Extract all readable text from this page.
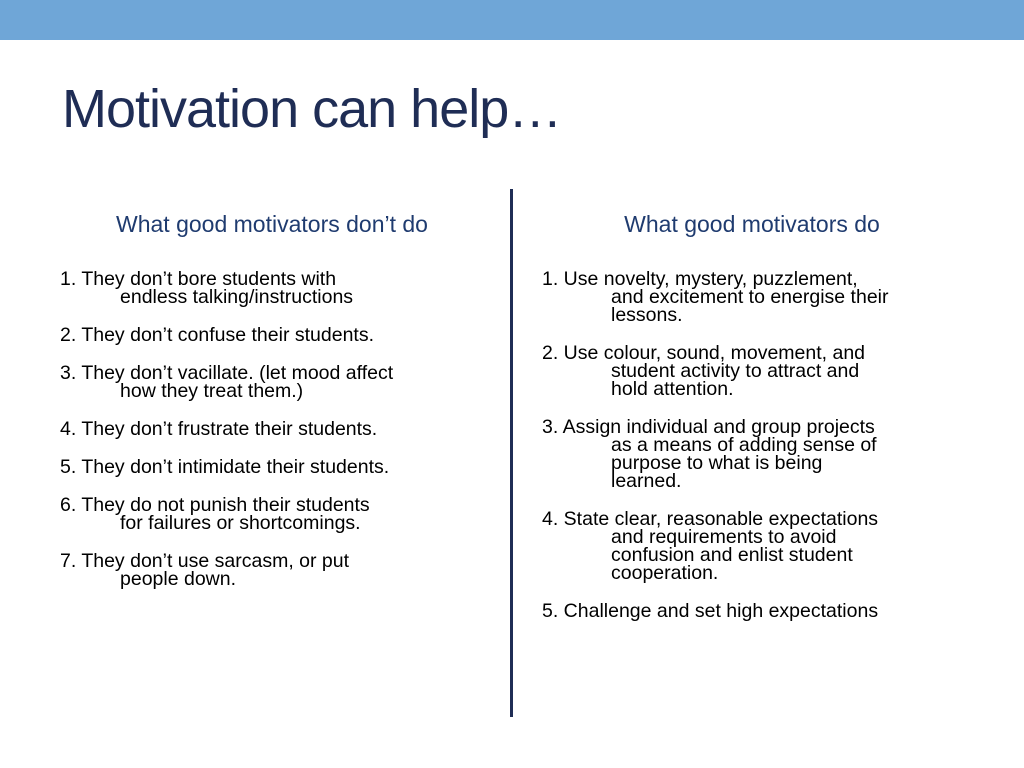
Motivation can help…
What good motivators don’t do
1. They don’t bore students with
endless talking/instructions
2. They don’t confuse their students.
3. They don’t vacillate. (let mood affect
how they treat them.)
4. They don’t frustrate their students.
5. They don’t intimidate their students.
6. They do not punish their students
for failures or shortcomings.
7. They don’t use sarcasm, or put
people down.
What good motivators do
1. Use novelty, mystery, puzzlement,
and excitement to energise their
lessons.
2. Use colour, sound, movement, and
student activity to attract and
hold attention.
3. Assign individual and group projects
as a means of adding sense of
purpose to what is being
learned.
4. State clear, reasonable expectations
and requirements to avoid
confusion and enlist student
cooperation.
5. Challenge and set high expectations
